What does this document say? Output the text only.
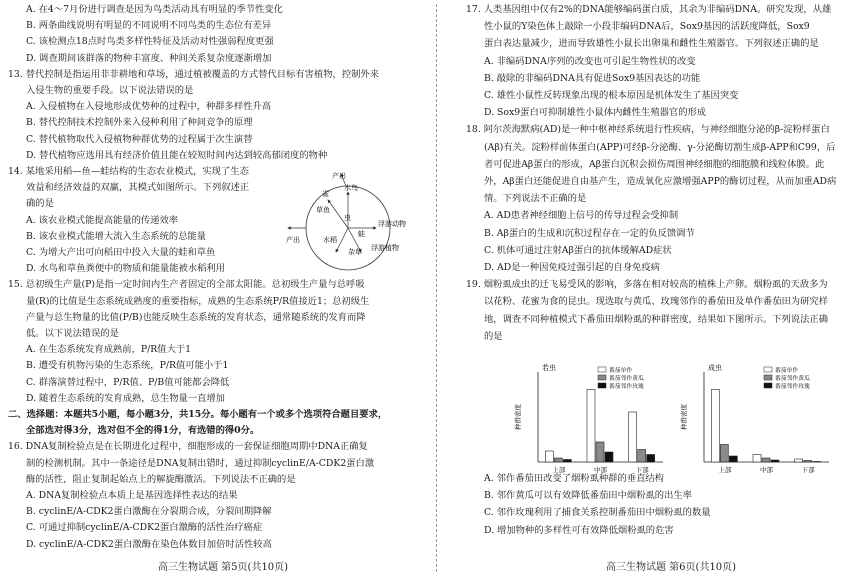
A. 在4～7月份进行调查是因为鸟类活动具有明显的季节性变化
B. 两条曲线说明有明显的不同说明不同鸟类的生态位有差异
C. 该检测点18点时鸟类多样性特征及活动对性强弱程度更强
D. 调查期间该群落的物种丰富度、种间关系复杂度逐渐增加
13. 替代控制是指运用非非耕地和草场，通过植被覆盖的方式替代目标有害植物，控制外来
入侵生物的重要手段。以下说法错误的是
A. 入侵植物在入侵地形成优势种的过程中，种群多样性升高
B. 替代控制技术控制外来入侵种利用了种间竞争的原理
C. 替代植物取代入侵植物种群优势的过程属于次生演替
D. 替代植物应选用具有经济价值且能在较短时间内达到较高郁闭度的物种
14. 某地采用稻—鱼—蛙结构的生态农业模式，实现了生态
效益和经济效益的双赢，其模式如图所示。下列叙述正
确的是
A. 该农业模式能提高能量的传递效率
B. 该农业模式能增大流入生态系统的总能量
C. 为增大产出可向稻田中投入大量的蛙和草鱼
D. 水鸟和草鱼粪便中的物质和能量能被水稻利用
15. 总初级生产量(P)是指一定时间内生产者固定的全部太阳能。总初级生产量与总呼吸
量(R)的比值是生态系统成熟度的重要指标，成熟的生态系统P/R值接近1；总初级生
产量与总生物量的比值(P/B)也能反映生态系统的发育状态，通常随系统的发育而降
低。以下说法错误的是
A. 在生态系统发育成熟前，P/R值大于1
B. 遭受有机物污染的生态系统，P/R值可能小于1
C. 群落演替过程中，P/R值、P/B值可能都会降低
D. 随着生态系统的发育成熟，总生物量一直增加
二、选择题：本题共5小题，每小题3分，共15分。每小题有一个或多个选项符合题目要求，
全部选对得3分，选对但不全的得1分，有选错的得0分。
16. DNA复制检验点是在长期进化过程中，细胞形成的一套保证细胞周期中DNA正确复
制的检测机制。其中一条途径是DNA复制出错时，通过抑制cyclinE/A-CDK2蛋白激
酶的活性，阻止复制起始点上的解旋酶激活。下列说法不正确的是
A. DNA复制检验点本质上是基因选择性表达的结果
B. cyclinE/A-CDK2蛋白激酶在分裂期合成，分裂间期降解
C. 可通过抑制cyclinE/A-CDK2蛋白激酶的活性治疗癌症
D. cyclinE/A-CDK2蛋白激酶在染色体数目加倍时活性较高
高三生物试题 第5页(共10页)
17. 人类基因组中仅有2%的DNA能够编码蛋白质，其余为非编码DNA。研究发现，从雄
性小鼠的Y染色体上敲除一小段非编码DNA后，Sox9基因的活跃度降低，Sox9
蛋白表达量减少，进而导致雄性小鼠长出卵巢和雌性生殖器官。下列叙述正确的是
A. 非编码DNA序列的改变也可引起生物性状的改变
B. 敲除的非编码DNA具有促进Sox9基因表达的功能
C. 雄性小鼠性反转现象出现的根本原因是机体发生了基因突变
D. Sox9蛋白可抑制雄性小鼠体内雌性生殖器官的形成
18. 阿尔茨海默病(AD)是一种中枢神经系统退行性疾病，与神经细胞分泌的β-淀粉样蛋白
(Aβ)有关。淀粉样前体蛋白(APP)可经β-分泌酶、γ-分泌酶切割生成β-APP和C99，后
者可促进Aβ蛋白的形成，Aβ蛋白沉积会损伤周围神经细胞的细胞膜和线粒体膜。此
外，Aβ蛋白还能促进自由基产生，造成氧化应激增强APP的酶切过程，从而加重AD病
情。下列说法不正确的是
A. AD患者神经细胞上信号的传导过程会受抑制
B. Aβ蛋白的生成和沉积过程存在一定的负反馈调节
C. 机体可通过注射Aβ蛋白的抗体缓解AD症状
D. AD是一种因免疫过强引起的自身免疫病
19. 烟粉虱成虫的迁飞易受风的影响，多落在相对较高的植株上产卵。烟粉虱的天敌多为
以花粉、花蜜为食的昆虫。现选取与黄瓜、玫瑰邻作的番茄田及单作番茄田为研究样
地，调查不同种植模式下番茄田烟粉虱的种群密度，结果如下图所示。下列说法正确
的是
A. 邻作番茄田改变了烟粉虱种群的垂直结构
B. 邻作黄瓜可以有效降低番茄田中烟粉虱的出生率
C. 邻作玫瑰利用了捕食关系控制番茄田中烟粉虱的数量
D. 增加物种的多样性可有效降低烟粉虱的危害
高三生物试题 第6页(共10页)
产出
雀
水鸟
草鱼
浮游动物
浮游植物
虫
杂草
水稻
产出
蛙
若虫
种群密度
上部	中部	下部
番茄单作
番茄邻作黄瓜
番茄邻作玫瑰
成虫
种群密度
上部	中部	下部
番茄单作
番茄邻作黄瓜
番茄邻作玫瑰
